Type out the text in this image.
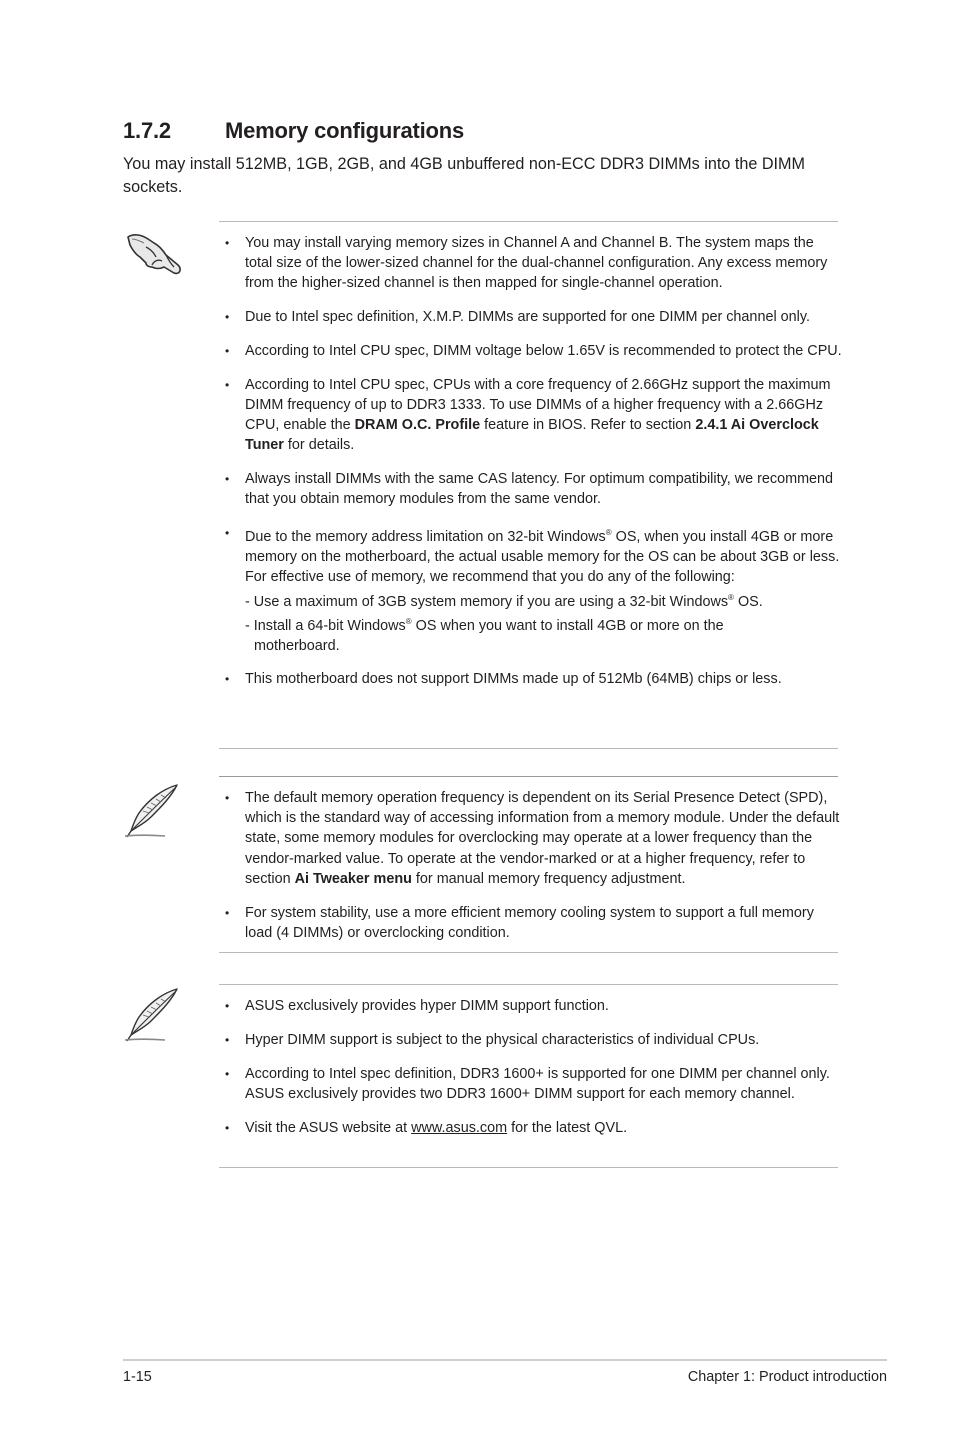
1.7.2 Memory configurations

You may install 512MB, 1GB, 2GB, and 4GB unbuffered non-ECC DDR3 DIMMs into the DIMM sockets.

• You may install varying memory sizes in Channel A and Channel B. The system maps the total size of the lower-sized channel for the dual-channel configuration. Any excess memory from the higher-sized channel is then mapped for single-channel operation.
• Due to Intel spec definition, X.M.P. DIMMs are supported for one DIMM per channel only.
• According to Intel CPU spec, DIMM voltage below 1.65V is recommended to protect the CPU.
• According to Intel CPU spec, CPUs with a core frequency of 2.66GHz support the maximum DIMM frequency of up to DDR3 1333. To use DIMMs of a higher frequency with a 2.66GHz CPU, enable the DRAM O.C. Profile feature in BIOS. Refer to section 2.4.1 Ai Overclock Tuner for details.
• Always install DIMMs with the same CAS latency. For optimum compatibility, we recommend that you obtain memory modules from the same vendor.
• Due to the memory address limitation on 32-bit Windows® OS, when you install 4GB or more memory on the motherboard, the actual usable memory for the OS can be about 3GB or less. For effective use of memory, we recommend that you do any of the following:
- Use a maximum of 3GB system memory if you are using a 32-bit Windows® OS.
- Install a 64-bit Windows® OS when you want to install 4GB or more on the
motherboard.
• This motherboard does not support DIMMs made up of 512Mb (64MB) chips or less.
• The default memory operation frequency is dependent on its Serial Presence Detect (SPD), which is the standard way of accessing information from a memory module. Under the default state, some memory modules for overclocking may operate at a lower frequency than the vendor-marked value. To operate at the vendor-marked or at a higher frequency, refer to section Ai Tweaker menu for manual memory frequency adjustment.
• For system stability, use a more efficient memory cooling system to support a full memory load (4 DIMMs) or overclocking condition.
• ASUS exclusively provides hyper DIMM support function.
• Hyper DIMM support is subject to the physical characteristics of individual CPUs.
• According to Intel spec definition, DDR3 1600+ is supported for one DIMM per channel only. ASUS exclusively provides two DDR3 1600+ DIMM support for each memory channel.
• Visit the ASUS website at www.asus.com for the latest QVL.
1-15	Chapter 1: Product introduction
